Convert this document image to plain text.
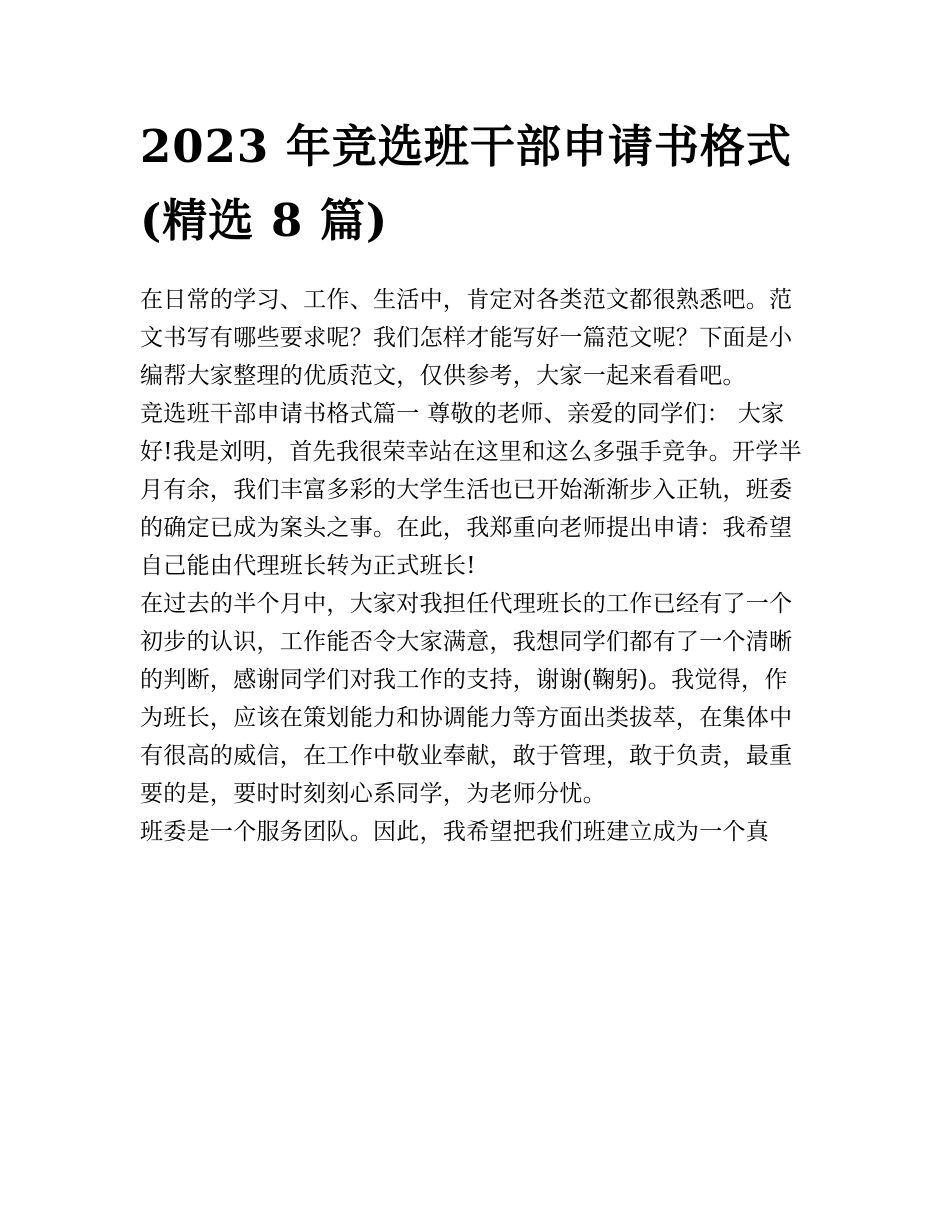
2023 年竞选班干部申请书格式(精选 8 篇)

在日常的学习、工作、生活中，肯定对各类范文都很熟悉吧。范文书写有哪些要求呢？我们怎样才能写好一篇范文呢？下面是小编帮大家整理的优质范文，仅供参考，大家一起来看看吧。

竞选班干部申请书格式篇一 尊敬的老师、亲爱的同学们： 大家好!我是刘明，首先我很荣幸站在这里和这么多强手竞争。开学半月有余，我们丰富多彩的大学生活也已开始渐渐步入正轨，班委的确定已成为案头之事。在此，我郑重向老师提出申请：我希望自己能由代理班长转为正式班长!

在过去的半个月中，大家对我担任代理班长的工作已经有了一个初步的认识，工作能否令大家满意，我想同学们都有了一个清晰的判断，感谢同学们对我工作的支持，谢谢(鞠躬)。我觉得，作为班长，应该在策划能力和协调能力等方面出类拔萃，在集体中有很高的威信，在工作中敬业奉献，敢于管理，敢于负责，最重要的是，要时时刻刻心系同学，为老师分忧。

班委是一个服务团队。因此，我希望把我们班建立成为一个真
